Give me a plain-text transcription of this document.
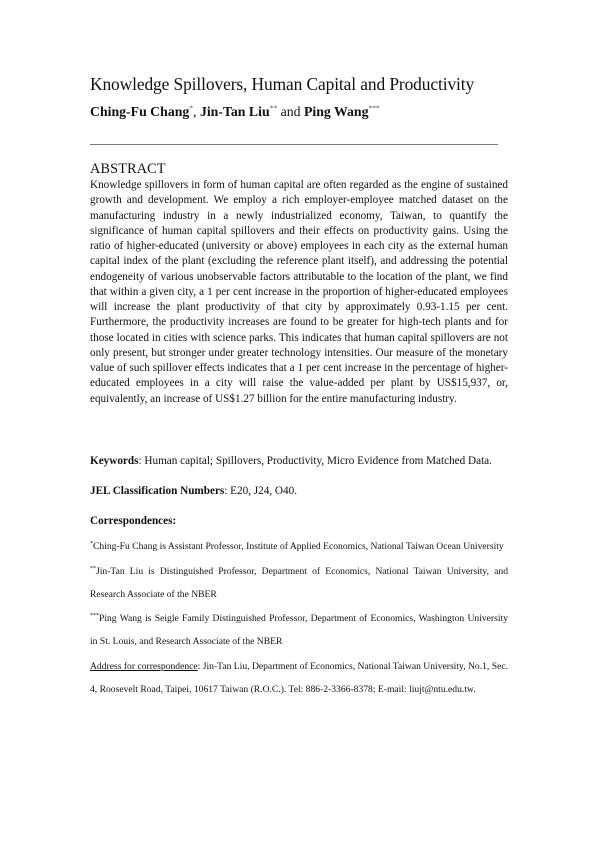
Knowledge Spillovers, Human Capital and Productivity
Ching-Fu Chang*, Jin-Tan Liu** and Ping Wang***
ABSTRACT

Knowledge spillovers in form of human capital are often regarded as the engine of sustained growth and development. We employ a rich employer-employee matched dataset on the manufacturing industry in a newly industrialized economy, Taiwan, to quantify the significance of human capital spillovers and their effects on productivity gains. Using the ratio of higher-educated (university or above) employees in each city as the external human capital index of the plant (excluding the reference plant itself), and addressing the potential endogeneity of various unobservable factors attributable to the location of the plant, we find that within a given city, a 1 per cent increase in the proportion of higher-educated employees will increase the plant productivity of that city by approximately 0.93-1.15 per cent. Furthermore, the productivity increases are found to be greater for high-tech plants and for those located in cities with science parks. This indicates that human capital spillovers are not only present, but stronger under greater technology intensities. Our measure of the monetary value of such spillover effects indicates that a 1 per cent increase in the percentage of higher-educated employees in a city will raise the value-added per plant by US$15,937, or, equivalently, an increase of US$1.27 billion for the entire manufacturing industry.

Keywords: Human capital; Spillovers, Productivity, Micro Evidence from Matched Data.
JEL Classification Numbers: E20, J24, O40.
Correspondences:

*Ching-Fu Chang is Assistant Professor, Institute of Applied Economics, National Taiwan Ocean University

**Jin-Tan Liu is Distinguished Professor, Department of Economics, National Taiwan University, and Research Associate of the NBER

***Ping Wang is Seigle Family Distinguished Professor, Department of Economics, Washington University in St. Louis, and Research Associate of the NBER

Address for correspondence: Jin-Tan Liu, Department of Economics, National Taiwan University, No.1, Sec. 4, Roosevelt Road, Taipei, 10617 Taiwan (R.O.C.). Tel: 886-2-3366-8378; E-mail: liujt@ntu.edu.tw.
